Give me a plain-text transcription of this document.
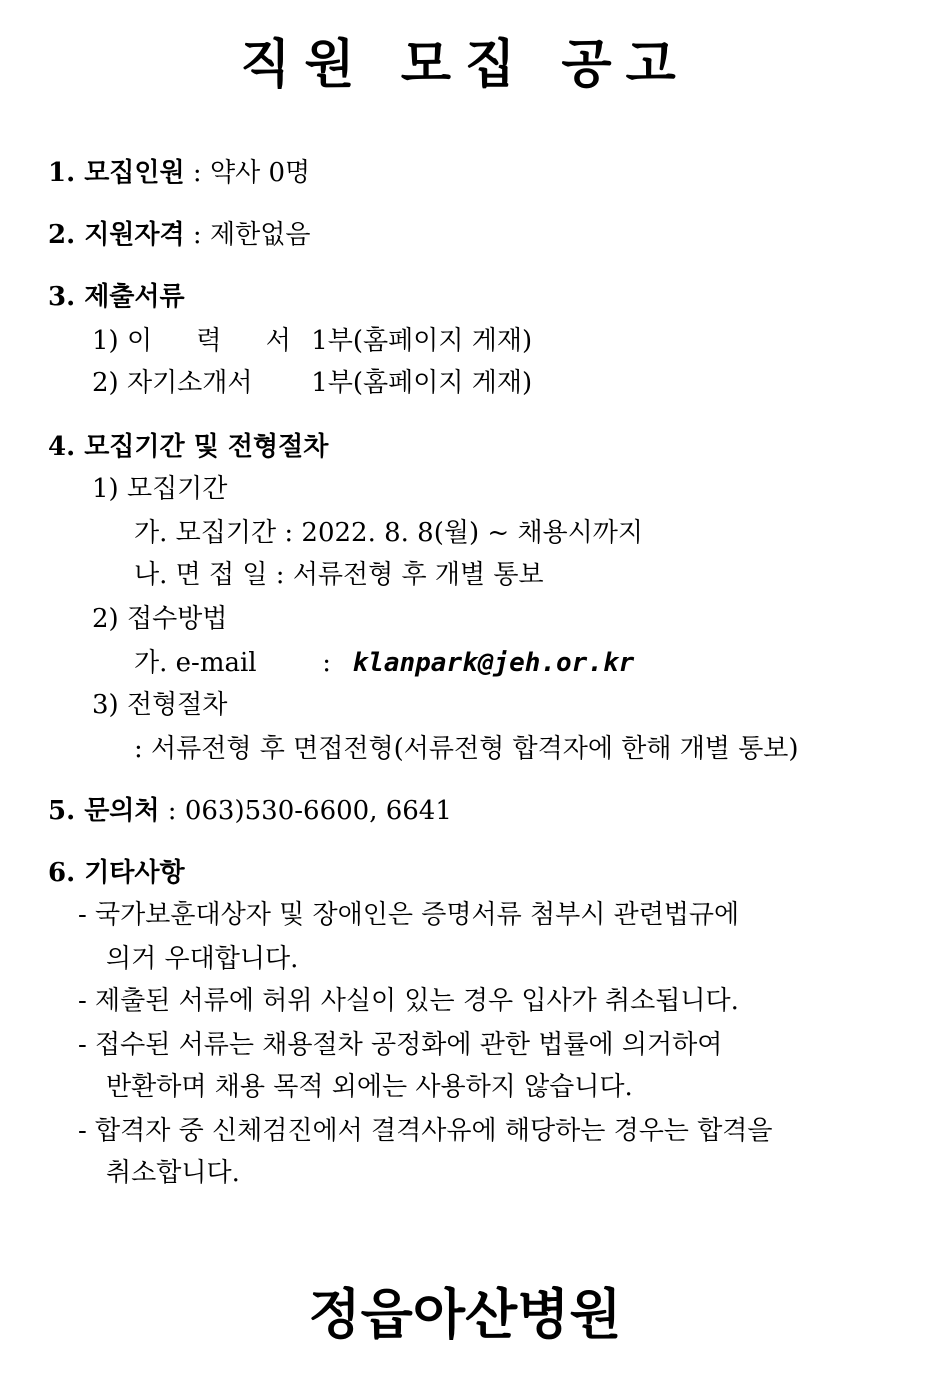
직원 모집 공고
1. 모집인원 : 약사 0명
2. 지원자격 : 제한없음
3. 제출서류
1) 이 력 서 1부(홈페이지 게재)
2) 자기소개서 1부(홈페이지 게재)
4. 모집기간 및 전형절차
1) 모집기간
가. 모집기간 : 2022. 8. 8(월) ~ 채용시까지
나. 면 접 일 : 서류전형 후 개별 통보
2) 접수방법
가. e-mail	: klanpark@jeh.or.kr
3) 전형절차
: 서류전형 후 면접전형(서류전형 합격자에 한해 개별 통보)
5. 문의처 : 063)530-6600, 6641
6. 기타사항
- 국가보훈대상자 및 장애인은 증명서류 첨부시 관련법규에
의거 우대합니다.
- 제출된 서류에 허위 사실이 있는 경우 입사가 취소됩니다.
- 접수된 서류는 채용절차 공정화에 관한 법률에 의거하여
반환하며 채용 목적 외에는 사용하지 않습니다.
- 합격자 중 신체검진에서 결격사유에 해당하는 경우는 합격을
취소합니다.
정읍아산병원
